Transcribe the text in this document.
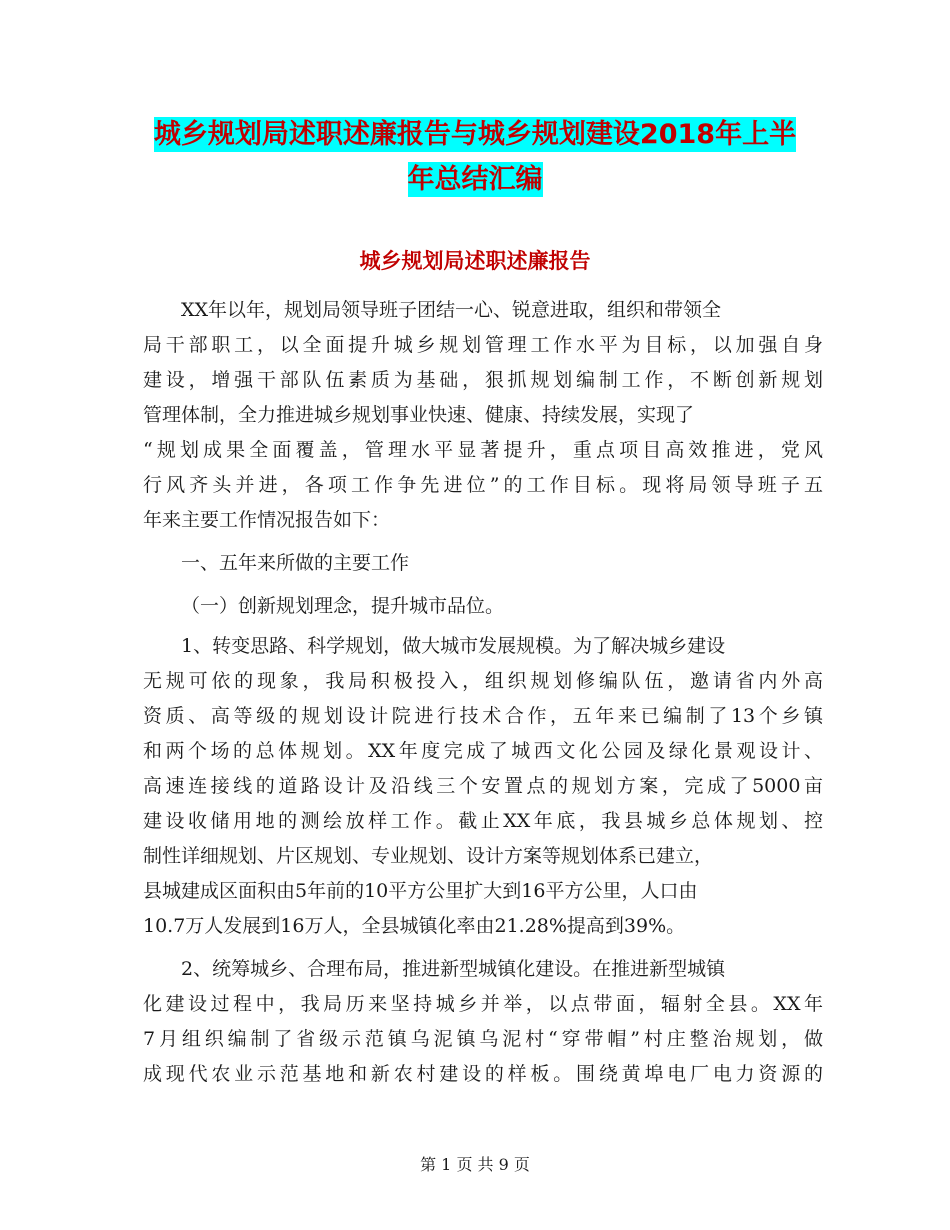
城乡规划局述职述廉报告与城乡规划建设2018年上半
年总结汇编
城乡规划局述职述廉报告
XX年以年，规划局领导班子团结一心、锐意进取，组织和带领全
局干部职工，以全面提升城乡规划管理工作水平为目标，以加强自身
建设，增强干部队伍素质为基础，狠抓规划编制工作，不断创新规划
管理体制，全力推进城乡规划事业快速、健康、持续发展，实现了
“规划成果全面覆盖，管理水平显著提升，重点项目高效推进，党风
行风齐头并进，各项工作争先进位”的工作目标。现将局领导班子五
年来主要工作情况报告如下：
一、五年来所做的主要工作
（一）创新规划理念，提升城市品位。
1、转变思路、科学规划，做大城市发展规模。为了解决城乡建设
无规可依的现象，我局积极投入，组织规划修编队伍，邀请省内外高
资质、高等级的规划设计院进行技术合作，五年来已编制了13个乡镇
和两个场的总体规划。XX年度完成了城西文化公园及绿化景观设计、
高速连接线的道路设计及沿线三个安置点的规划方案，完成了5000亩
建设收储用地的测绘放样工作。截止XX年底，我县城乡总体规划、控
制性详细规划、片区规划、专业规划、设计方案等规划体系已建立，
县城建成区面积由5年前的10平方公里扩大到16平方公里，人口由
10.7万人发展到16万人，全县城镇化率由21.28%提高到39%。
2、统筹城乡、合理布局，推进新型城镇化建设。在推进新型城镇
化建设过程中，我局历来坚持城乡并举，以点带面，辐射全县。XX年
7月组织编制了省级示范镇乌泥镇乌泥村“穿带帽”村庄整治规划，做
成现代农业示范基地和新农村建设的样板。围绕黄埠电厂电力资源的
第 1 页 共 9 页
